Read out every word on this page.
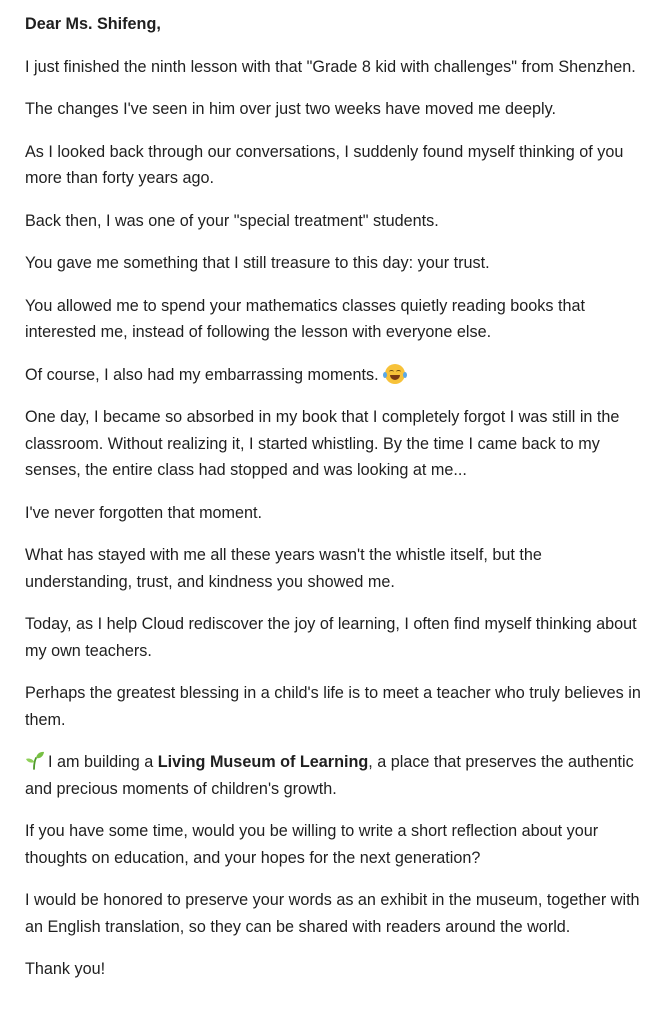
Dear Ms. Shifeng,

I just finished the ninth lesson with that "Grade 8 kid with challenges" from Shenzhen.

The changes I've seen in him over just two weeks have moved me deeply.

As I looked back through our conversations, I suddenly found myself thinking of you more than forty years ago.

Back then, I was one of your "special treatment" students.

You gave me something that I still treasure to this day: your trust.

You allowed me to spend your mathematics classes quietly reading books that interested me, instead of following the lesson with everyone else.

Of course, I also had my embarrassing moments.

One day, I became so absorbed in my book that I completely forgot I was still in the classroom. Without realizing it, I started whistling. By the time I came back to my senses, the entire class had stopped and was looking at me...

I've never forgotten that moment.

What has stayed with me all these years wasn't the whistle itself, but the understanding, trust, and kindness you showed me.

Today, as I help Cloud rediscover the joy of learning, I often find myself thinking about my own teachers.

Perhaps the greatest blessing in a child's life is to meet a teacher who truly believes in them.

I am building a Living Museum of Learning, a place that preserves the authentic and precious moments of children's growth.

If you have some time, would you be willing to write a short reflection about your thoughts on education, and your hopes for the next generation?

I would be honored to preserve your words as an exhibit in the museum, together with an English translation, so they can be shared with readers around the world.

Thank you!
